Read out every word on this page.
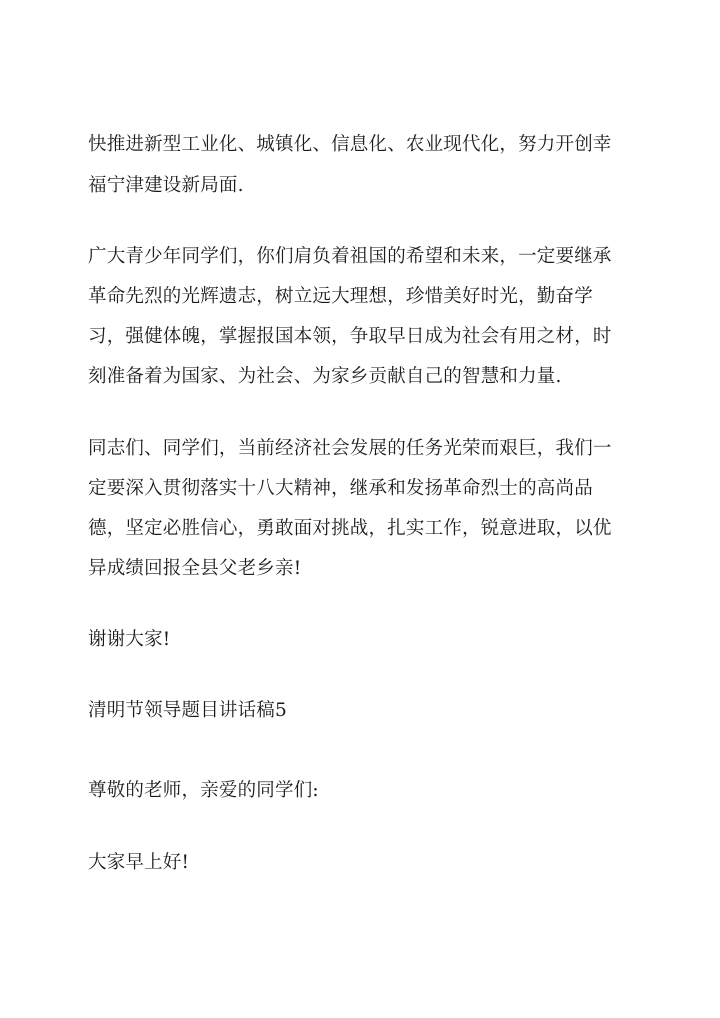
快推进新型工业化、城镇化、信息化、农业现代化，努力开创幸
福宁津建设新局面.
广大青少年同学们，你们肩负着祖国的希望和未来，一定要继承
革命先烈的光辉遗志，树立远大理想，珍惜美好时光，勤奋学
习，强健体魄，掌握报国本领，争取早日成为社会有用之材，时
刻准备着为国家、为社会、为家乡贡献自己的智慧和力量.
同志们、同学们，当前经济社会发展的任务光荣而艰巨，我们一
定要深入贯彻落实十八大精神，继承和发扬革命烈士的高尚品
德，坚定必胜信心，勇敢面对挑战，扎实工作，锐意进取，以优
异成绩回报全县父老乡亲!
谢谢大家!
清明节领导题目讲话稿5
尊敬的老师，亲爱的同学们:
大家早上好!
